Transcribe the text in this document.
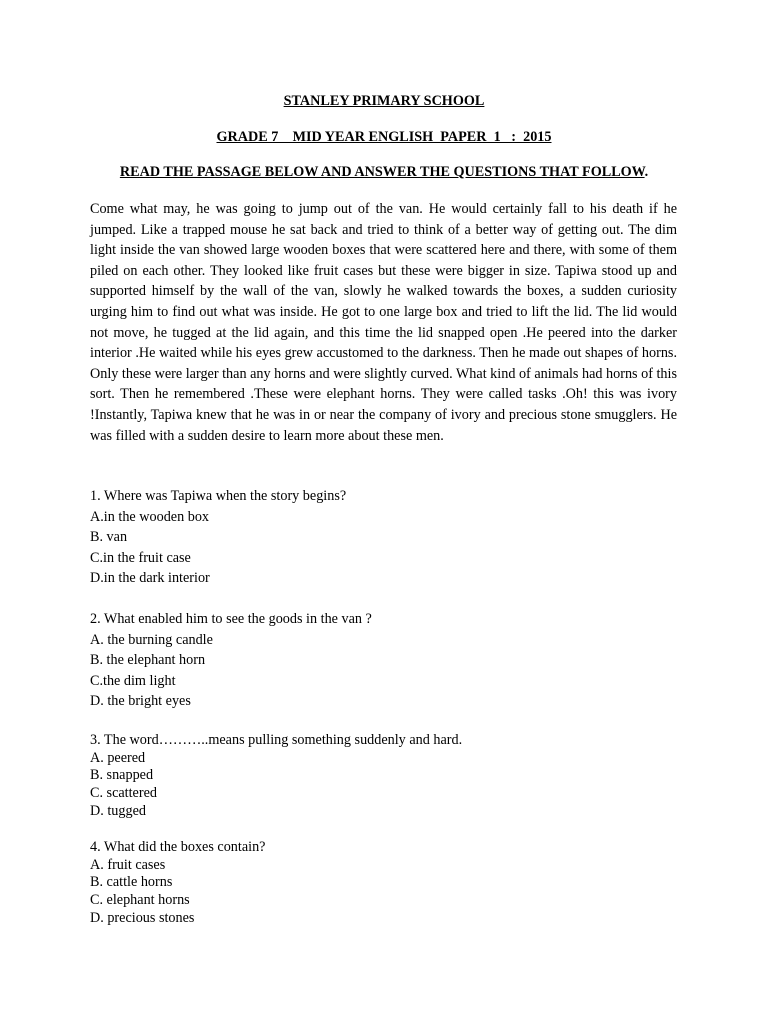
STANLEY PRIMARY SCHOOL
GRADE 7    MID YEAR ENGLISH  PAPER  1   :  2015
READ THE PASSAGE BELOW AND ANSWER THE QUESTIONS THAT FOLLOW.

Come what may, he was going to jump out of the van. He would certainly fall to his death if he jumped. Like a trapped mouse he sat back and tried to think of a better way of getting out. The dim light inside the van showed large wooden boxes that were scattered here and there, with some of them piled on each other. They looked like fruit cases but these were bigger in size. Tapiwa stood up and supported himself by the wall of the van, slowly he walked towards the boxes, a sudden curiosity urging him to find out what was inside. He got to one large box and tried to lift the lid. The lid would not move, he tugged at the lid again, and this time the lid snapped open .He peered into the darker interior .He waited while his eyes grew accustomed to the darkness. Then he made out shapes of horns. Only these were larger than any horns and were slightly curved. What kind of animals had horns of this sort. Then he remembered .These were elephant horns. They were called tasks .Oh! this was ivory !Instantly, Tapiwa knew that he was in or near the company of ivory and precious stone smugglers. He was filled with a sudden desire to learn more about these men.

1. Where was Tapiwa when the story begins?
A.in the wooden box
B. van
C.in the fruit case
D.in the dark interior
2. What enabled him to see the goods in the van ?
A. the burning candle
B. the elephant horn
C.the dim light
D. the bright eyes
3. The word………..means pulling something suddenly and hard.
A. peered
B. snapped
C. scattered
D. tugged
4. What did the boxes contain?
A. fruit cases
B. cattle horns
C. elephant horns
D. precious stones
